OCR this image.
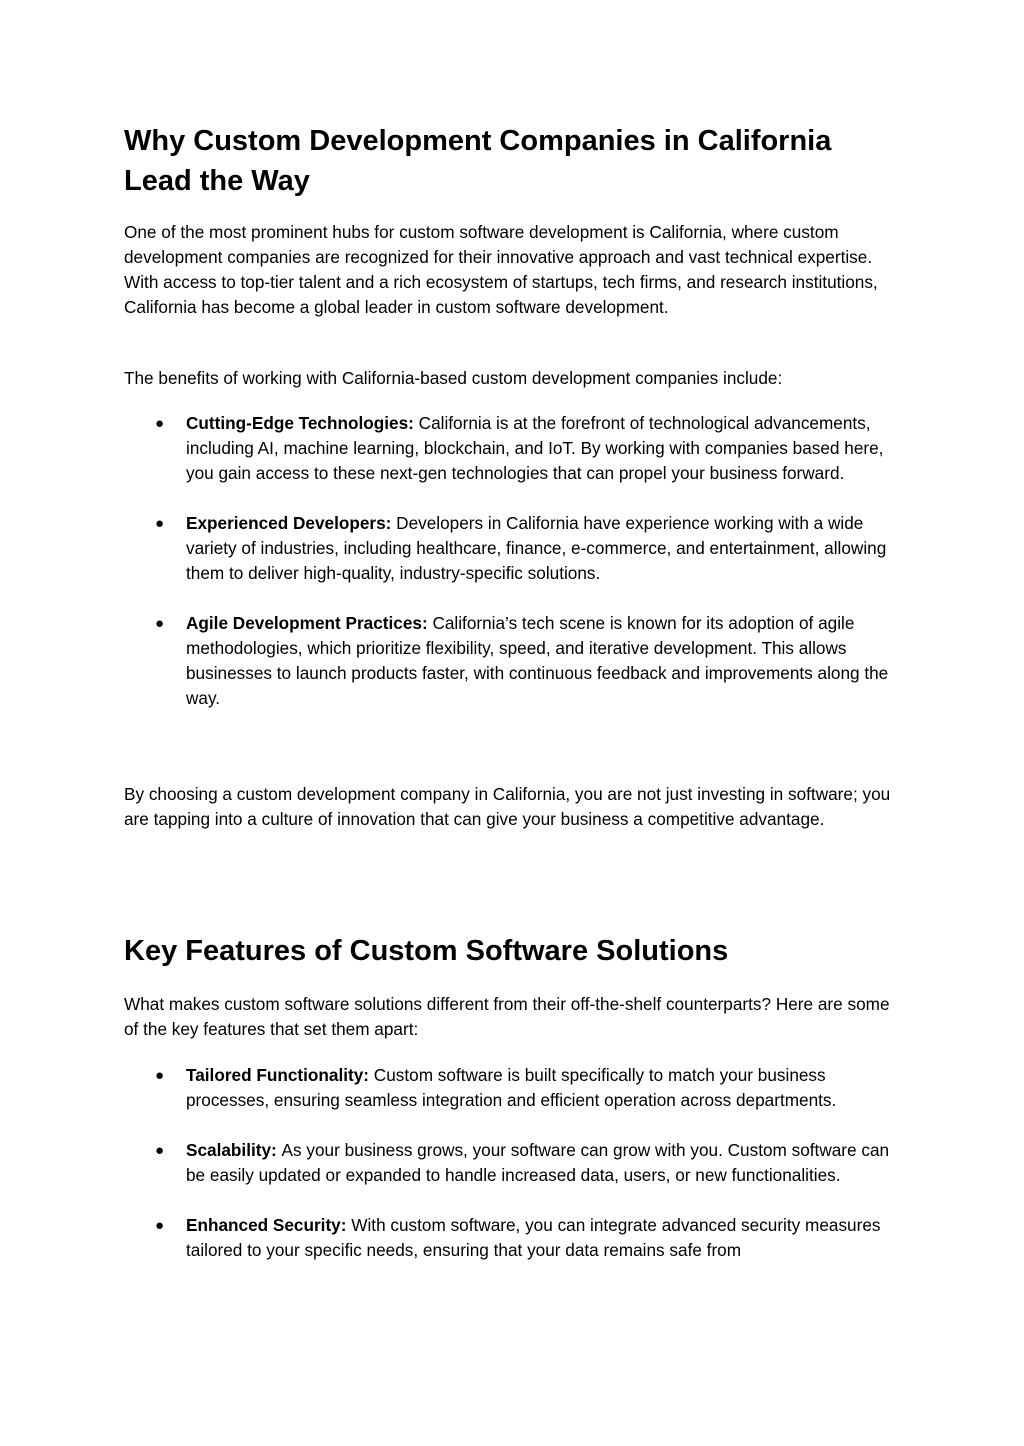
Why Custom Development Companies in California Lead the Way

One of the most prominent hubs for custom software development is California, where custom development companies are recognized for their innovative approach and vast technical expertise. With access to top-tier talent and a rich ecosystem of startups, tech firms, and research institutions, California has become a global leader in custom software development.

The benefits of working with California-based custom development companies include:

● Cutting-Edge Technologies: California is at the forefront of technological advancements, including AI, machine learning, blockchain, and IoT. By working with companies based here, you gain access to these next-gen technologies that can propel your business forward.
● Experienced Developers: Developers in California have experience working with a wide variety of industries, including healthcare, finance, e-commerce, and entertainment, allowing them to deliver high-quality, industry-specific solutions.
● Agile Development Practices: California’s tech scene is known for its adoption of agile methodologies, which prioritize flexibility, speed, and iterative development. This allows businesses to launch products faster, with continuous feedback and improvements along the way.

By choosing a custom development company in California, you are not just investing in software; you are tapping into a culture of innovation that can give your business a competitive advantage.

Key Features of Custom Software Solutions

What makes custom software solutions different from their off-the-shelf counterparts? Here are some of the key features that set them apart:

● Tailored Functionality: Custom software is built specifically to match your business processes, ensuring seamless integration and efficient operation across departments.
● Scalability: As your business grows, your software can grow with you. Custom software can be easily updated or expanded to handle increased data, users, or new functionalities.
● Enhanced Security: With custom software, you can integrate advanced security measures tailored to your specific needs, ensuring that your data remains safe from
